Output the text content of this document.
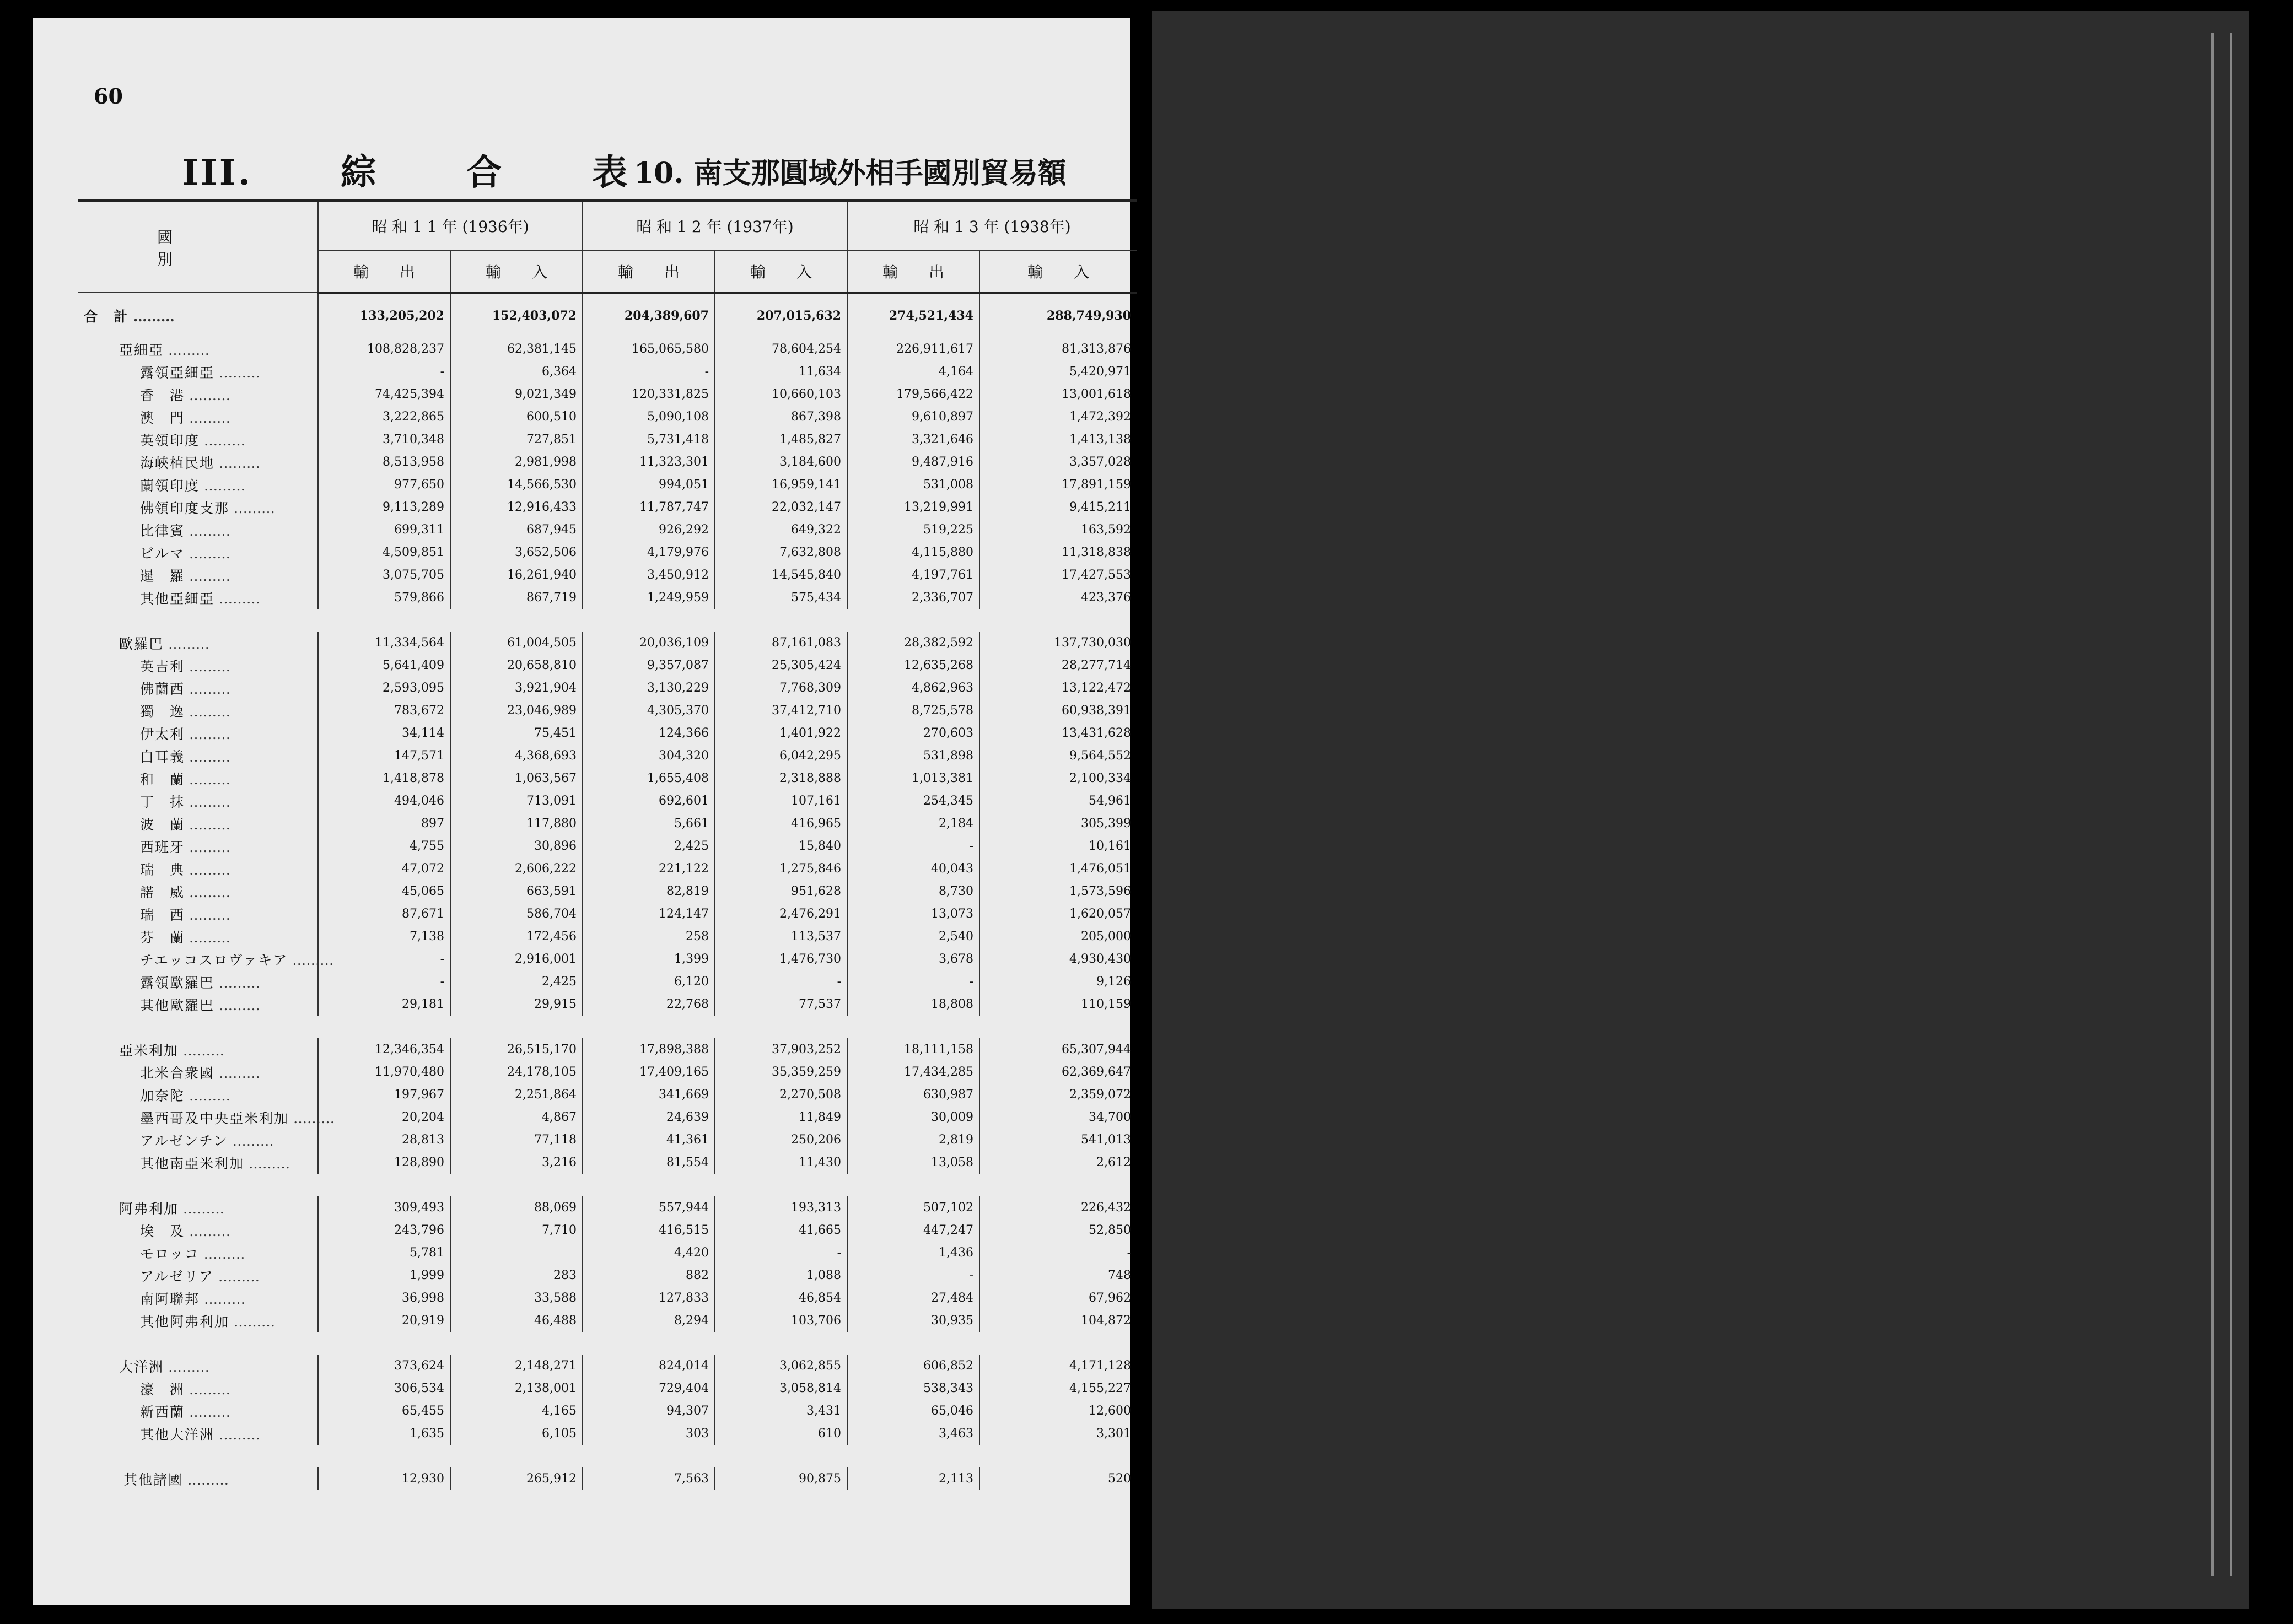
60
III.	綜	合	表 10. 南支那圓域外相手國別貿易額
國　　別	昭 和 1 1 年 (1936年)		昭 和 1 2 年 (1937年)		昭 和 1 3 年 (1938年)	
	輸　　出	輸　　入	輸　　出	輸　　入	輸　　出	輸　　入
合　計 ………	133,205,202	152,403,072	204,389,607	207,015,632	274,521,434	288,749,930
亞細亞 ………	108,828,237	62,381,145	165,065,580	78,604,254	226,911,617	81,313,876
露領亞細亞 ………	-	6,364	-	11,634	4,164	5,420,971
香　港 ………	74,425,394	9,021,349	120,331,825	10,660,103	179,566,422	13,001,618
澳　門 ………	3,222,865	600,510	5,090,108	867,398	9,610,897	1,472,392
英領印度 ………	3,710,348	727,851	5,731,418	1,485,827	3,321,646	1,413,138
海峽植民地 ………	8,513,958	2,981,998	11,323,301	3,184,600	9,487,916	3,357,028
蘭領印度 ………	977,650	14,566,530	994,051	16,959,141	531,008	17,891,159
佛領印度支那 ………	9,113,289	12,916,433	11,787,747	22,032,147	13,219,991	9,415,211
比律賓 ………	699,311	687,945	926,292	649,322	519,225	163,592
ビルマ ………	4,509,851	3,652,506	4,179,976	7,632,808	4,115,880	11,318,838
暹　羅 ………	3,075,705	16,261,940	3,450,912	14,545,840	4,197,761	17,427,553
其他亞細亞 ………	579,866	867,719	1,249,959	575,434	2,336,707	423,376

歐羅巴 ………	11,334,564	61,004,505	20,036,109	87,161,083	28,382,592	137,730,030
英吉利 ………	5,641,409	20,658,810	9,357,087	25,305,424	12,635,268	28,277,714
佛蘭西 ………	2,593,095	3,921,904	3,130,229	7,768,309	4,862,963	13,122,472
獨　逸 ………	783,672	23,046,989	4,305,370	37,412,710	8,725,578	60,938,391
伊太利 ………	34,114	75,451	124,366	1,401,922	270,603	13,431,628
白耳義 ………	147,571	4,368,693	304,320	6,042,295	531,898	9,564,552
和　蘭 ………	1,418,878	1,063,567	1,655,408	2,318,888	1,013,381	2,100,334
丁　抹 ………	494,046	713,091	692,601	107,161	254,345	54,961
波　蘭 ………	897	117,880	5,661	416,965	2,184	305,399
西班牙 ………	4,755	30,896	2,425	15,840	-	10,161
瑞　典 ………	47,072	2,606,222	221,122	1,275,846	40,043	1,476,051
諾　威 ………	45,065	663,591	82,819	951,628	8,730	1,573,596
瑞　西 ………	87,671	586,704	124,147	2,476,291	13,073	1,620,057
芬　蘭 ………	7,138	172,456	258	113,537	2,540	205,000
チエッコスロヴァキア ………	-	2,916,001	1,399	1,476,730	3,678	4,930,430
露領歐羅巴 ………	-	2,425	6,120	-	-	9,126
其他歐羅巴 ………	29,181	29,915	22,768	77,537	18,808	110,159

亞米利加 ………	12,346,354	26,515,170	17,898,388	37,903,252	18,111,158	65,307,944
北米合衆國 ………	11,970,480	24,178,105	17,409,165	35,359,259	17,434,285	62,369,647
加奈陀 ………	197,967	2,251,864	341,669	2,270,508	630,987	2,359,072
墨西哥及中央亞米利加 ………	20,204	4,867	24,639	11,849	30,009	34,700
アルゼンチン ………	28,813	77,118	41,361	250,206	2,819	541,013
其他南亞米利加 ………	128,890	3,216	81,554	11,430	13,058	2,612

阿弗利加 ………	309,493	88,069	557,944	193,313	507,102	226,432
埃　及 ………	243,796	7,710	416,515	41,665	447,247	52,850
モロッコ ………	5,781		4,420	-	1,436	-
アルゼリア ………	1,999	283	882	1,088	-	748
南阿聯邦 ………	36,998	33,588	127,833	46,854	27,484	67,962
其他阿弗利加 ………	20,919	46,488	8,294	103,706	30,935	104,872

大洋洲 ………	373,624	2,148,271	824,014	3,062,855	606,852	4,171,128
濠　洲 ………	306,534	2,138,001	729,404	3,058,814	538,343	4,155,227
新西蘭 ………	65,455	4,165	94,307	3,431	65,046	12,600
其他大洋洲 ………	1,635	6,105	303	610	3,463	3,301

其他諸國 ………	12,930	265,912	7,563	90,875	2,113	520
